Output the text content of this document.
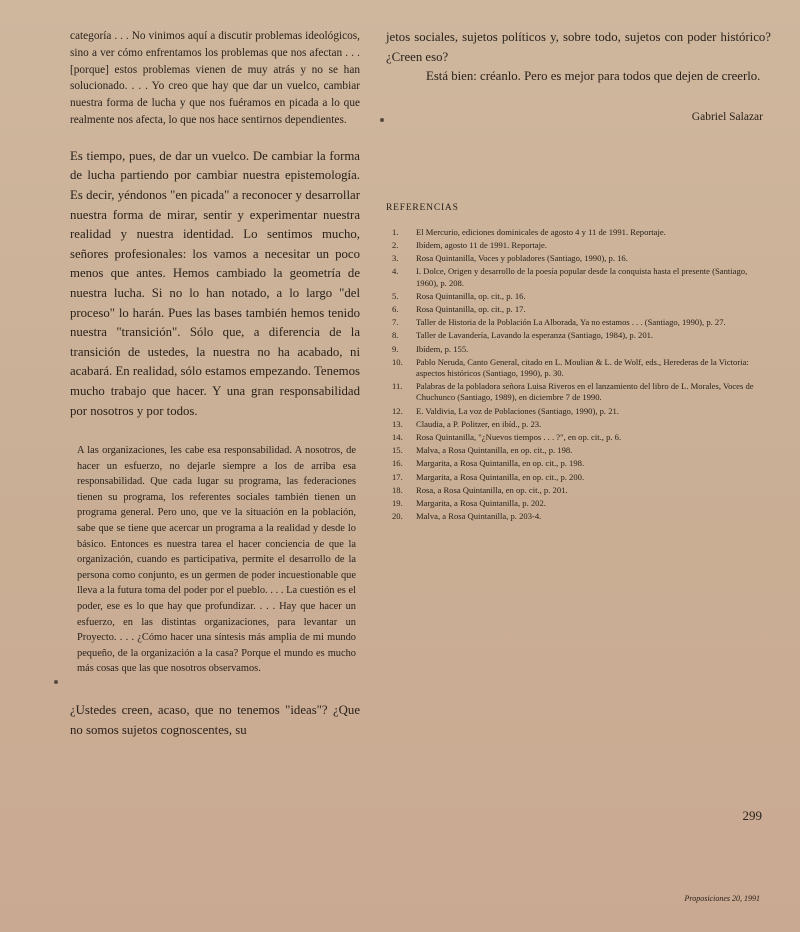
categoría . . . No vinimos aquí a discutir problemas ideológicos, sino a ver cómo enfrentamos los problemas que nos afectan . . . [porque] estos problemas vienen de muy atrás y no se han solucionado. . . . Yo creo que hay que dar un vuelco, cambiar nuestra forma de lucha y que nos fuéramos en picada a lo que realmente nos afecta, lo que nos hace sentirnos dependientes.

Es tiempo, pues, de dar un vuelco. De cambiar la forma de lucha partiendo por cambiar nuestra epistemología. Es decir, yéndonos "en picada" a reconocer y desarrollar nuestra forma de mirar, sentir y experimentar nuestra realidad y nuestra identidad. Lo sentimos mucho, señores profesionales: los vamos a necesitar un poco menos que antes. Hemos cambiado la geometría de nuestra lucha. Si no lo han notado, a lo largo "del proceso" lo harán. Pues las bases también hemos tenido nuestra "transición". Sólo que, a diferencia de la transición de ustedes, la nuestra no ha acabado, ni acabará. En realidad, sólo estamos empezando. Tenemos mucho trabajo que hacer. Y una gran responsabilidad por nosotros y por todos.

A las organizaciones, les cabe esa responsabilidad. A nosotros, de hacer un esfuerzo, no dejarle siempre a los de arriba esa responsabilidad. Que cada lugar su programa, las federaciones tienen su programa, los referentes sociales también tienen un programa general. Pero uno, que ve la situación en la población, sabe que se tiene que acercar un programa a la realidad y desde lo básico. Entonces es nuestra tarea el hacer conciencia de que la organización, cuando es participativa, permite el desarrollo de la persona como conjunto, es un germen de poder incuestionable que lleva a la futura toma del poder por el pueblo. . . . La cuestión es el poder, ese es lo que hay que profundizar. . . . Hay que hacer un esfuerzo, en las distintas organizaciones, para levantar un Proyecto. . . . ¿Cómo hacer una síntesis más amplia de mi mundo pequeño, de la organización a la casa? Porque el mundo es mucho más cosas que las que nosotros observamos.

¿Ustedes creen, acaso, que no tenemos "ideas"? ¿Que no somos sujetos cognoscentes, su

jetos sociales, sujetos políticos y, sobre todo, sujetos con poder histórico? ¿Creen eso?

Está bien: créanlo. Pero es mejor para todos que dejen de creerlo.

Gabriel Salazar
REFERENCIAS
1.	El Mercurio, ediciones dominicales de agosto 4 y 11 de 1991. Reportaje.
2.	Ibídem, agosto 11 de 1991. Reportaje.
3.	Rosa Quintanilla, Voces y pobladores (Santiago, 1990), p. 16.
4.	I. Dolce, Origen y desarrollo de la poesía popular desde la conquista hasta el presente (Santiago, 1960), p. 208.
5.	Rosa Quintanilla, op. cit., p. 16.
6.	Rosa Quintanilla, op. cit., p. 17.
7.	Taller de Historia de la Población La Alborada, Ya no estamos . . . (Santiago, 1990), p. 27.
8.	Taller de Lavandería, Lavando la esperanza (Santiago, 1984), p. 201.
9.	Ibídem, p. 155.
10.	Pablo Neruda, Canto General, citado en L. Moulian & L. de Wolf, eds., Herederas de la Victoria: aspectos históricos (Santiago, 1990), p. 30.
11.	Palabras de la pobladora señora Luisa Riveros en el lanzamiento del libro de L. Morales, Voces de Chuchunco (Santiago, 1989), en diciembre 7 de 1990.
12.	E. Valdivia, La voz de Poblaciones (Santiago, 1990), p. 21.
13.	Claudia, a P. Politzer, en ibíd., p. 23.
14.	Rosa Quintanilla, "¿Nuevos tiempos . . . ?", en op. cit., p. 6.
15.	Malva, a Rosa Quintanilla, en op. cit., p. 198.
16.	Margarita, a Rosa Quintanilla, en op. cit., p. 198.
17.	Margarita, a Rosa Quintanilla, en op. cit., p. 200.
18.	Rosa, a Rosa Quintanilla, en op. cit., p. 201.
19.	Margarita, a Rosa Quintanilla, p. 202.
20.	Malva, a Rosa Quintanilla, p. 203-4.
299
Proposiciones 20, 1991
